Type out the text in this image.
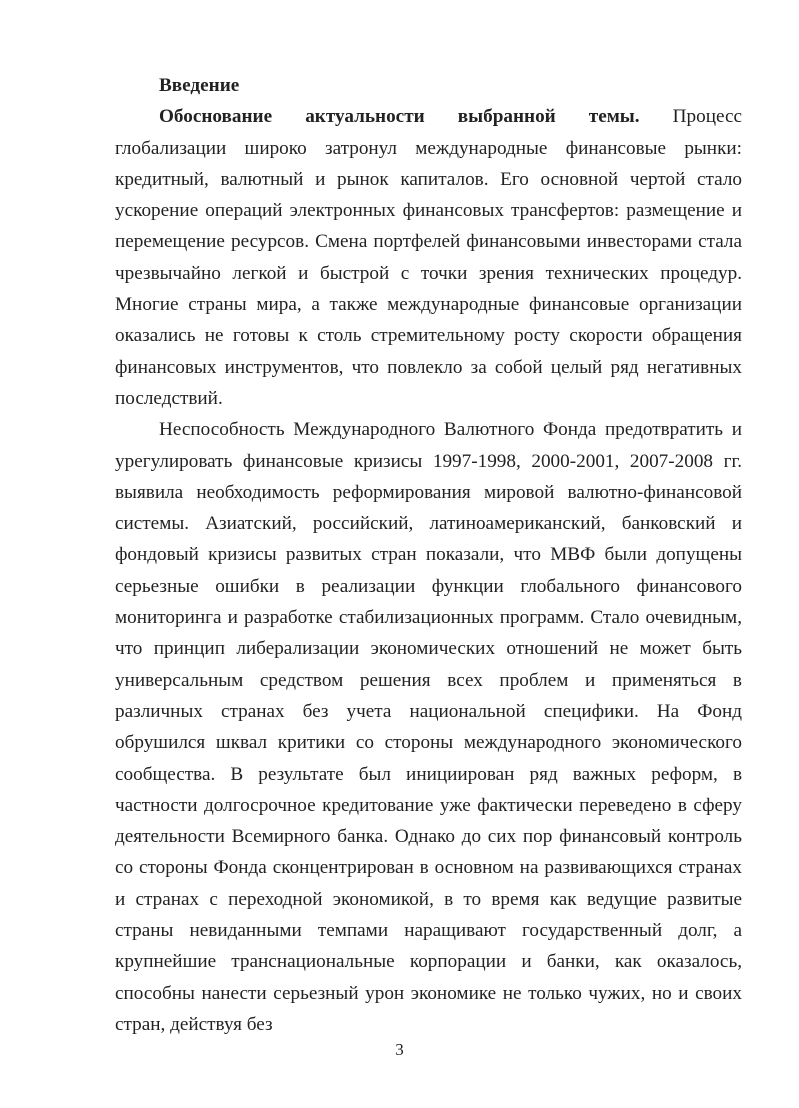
Введение

Обоснование актуальности выбранной темы. Процесс глобализации широко затронул международные финансовые рынки: кредитный, валютный и рынок капиталов. Его основной чертой стало ускорение операций электронных финансовых трансфертов: размещение и перемещение ресурсов. Смена портфелей финансовыми инвесторами стала чрезвычайно легкой и быстрой с точки зрения технических процедур. Многие страны мира, а также международные финансовые организации оказались не готовы к столь стремительному росту скорости обращения финансовых инструментов, что повлекло за собой целый ряд негативных последствий.

Неспособность Международного Валютного Фонда предотвратить и урегулировать финансовые кризисы 1997-1998, 2000-2001, 2007-2008 гг. выявила необходимость реформирования мировой валютно-финансовой системы. Азиатский, российский, латиноамериканский, банковский и фондовый кризисы развитых стран показали, что МВФ были допущены серьезные ошибки в реализации функции глобального финансового мониторинга и разработке стабилизационных программ. Стало очевидным, что принцип либерализации экономических отношений не может быть универсальным средством решения всех проблем и применяться в различных странах без учета национальной специфики. На Фонд обрушился шквал критики со стороны международного экономического сообщества. В результате был инициирован ряд важных реформ, в частности долгосрочное кредитование уже фактически переведено в сферу деятельности Всемирного банка. Однако до сих пор финансовый контроль со стороны Фонда сконцентрирован в основном на развивающихся странах и странах с переходной экономикой, в то время как ведущие развитые страны невиданными темпами наращивают государственный долг, а крупнейшие транснациональные корпорации и банки, как оказалось, способны нанести серьезный урон экономике не только чужих, но и своих стран, действуя без

3
